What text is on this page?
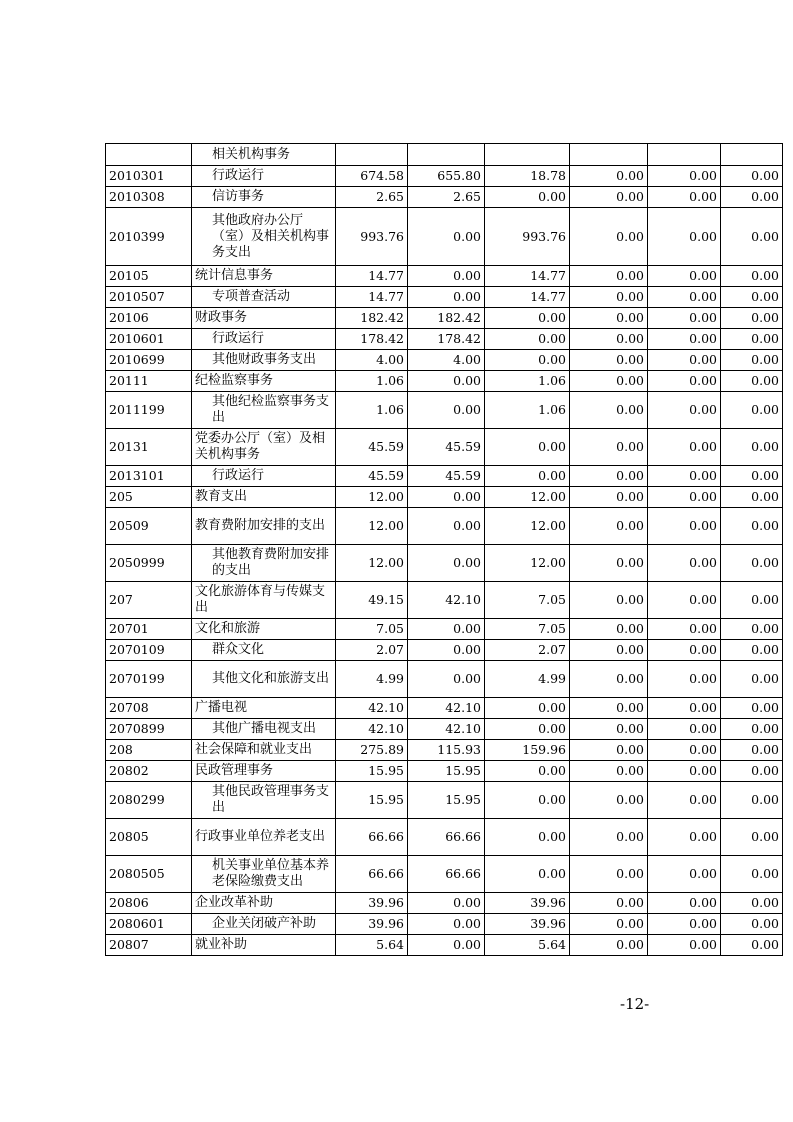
	相关机构事务						
2010301	行政运行	674.58	655.80	18.78	0.00	0.00	0.00
2010308	信访事务	2.65	2.65	0.00	0.00	0.00	0.00
2010399	其他政府办公厅（室）及相关机构事务支出	993.76	0.00	993.76	0.00	0.00	0.00
20105	统计信息事务	14.77	0.00	14.77	0.00	0.00	0.00
2010507	专项普查活动	14.77	0.00	14.77	0.00	0.00	0.00
20106	财政事务	182.42	182.42	0.00	0.00	0.00	0.00
2010601	行政运行	178.42	178.42	0.00	0.00	0.00	0.00
2010699	其他财政事务支出	4.00	4.00	0.00	0.00	0.00	0.00
20111	纪检监察事务	1.06	0.00	1.06	0.00	0.00	0.00
2011199	其他纪检监察事务支出	1.06	0.00	1.06	0.00	0.00	0.00
20131	党委办公厅（室）及相关机构事务	45.59	45.59	0.00	0.00	0.00	0.00
2013101	行政运行	45.59	45.59	0.00	0.00	0.00	0.00
205	教育支出	12.00	0.00	12.00	0.00	0.00	0.00
20509	教育费附加安排的支出	12.00	0.00	12.00	0.00	0.00	0.00
2050999	其他教育费附加安排的支出	12.00	0.00	12.00	0.00	0.00	0.00
207	文化旅游体育与传媒支出	49.15	42.10	7.05	0.00	0.00	0.00
20701	文化和旅游	7.05	0.00	7.05	0.00	0.00	0.00
2070109	群众文化	2.07	0.00	2.07	0.00	0.00	0.00
2070199	其他文化和旅游支出	4.99	0.00	4.99	0.00	0.00	0.00
20708	广播电视	42.10	42.10	0.00	0.00	0.00	0.00
2070899	其他广播电视支出	42.10	42.10	0.00	0.00	0.00	0.00
208	社会保障和就业支出	275.89	115.93	159.96	0.00	0.00	0.00
20802	民政管理事务	15.95	15.95	0.00	0.00	0.00	0.00
2080299	其他民政管理事务支出	15.95	15.95	0.00	0.00	0.00	0.00
20805	行政事业单位养老支出	66.66	66.66	0.00	0.00	0.00	0.00
2080505	机关事业单位基本养老保险缴费支出	66.66	66.66	0.00	0.00	0.00	0.00
20806	企业改革补助	39.96	0.00	39.96	0.00	0.00	0.00
2080601	企业关闭破产补助	39.96	0.00	39.96	0.00	0.00	0.00
20807	就业补助	5.64	0.00	5.64	0.00	0.00	0.00
-12-
